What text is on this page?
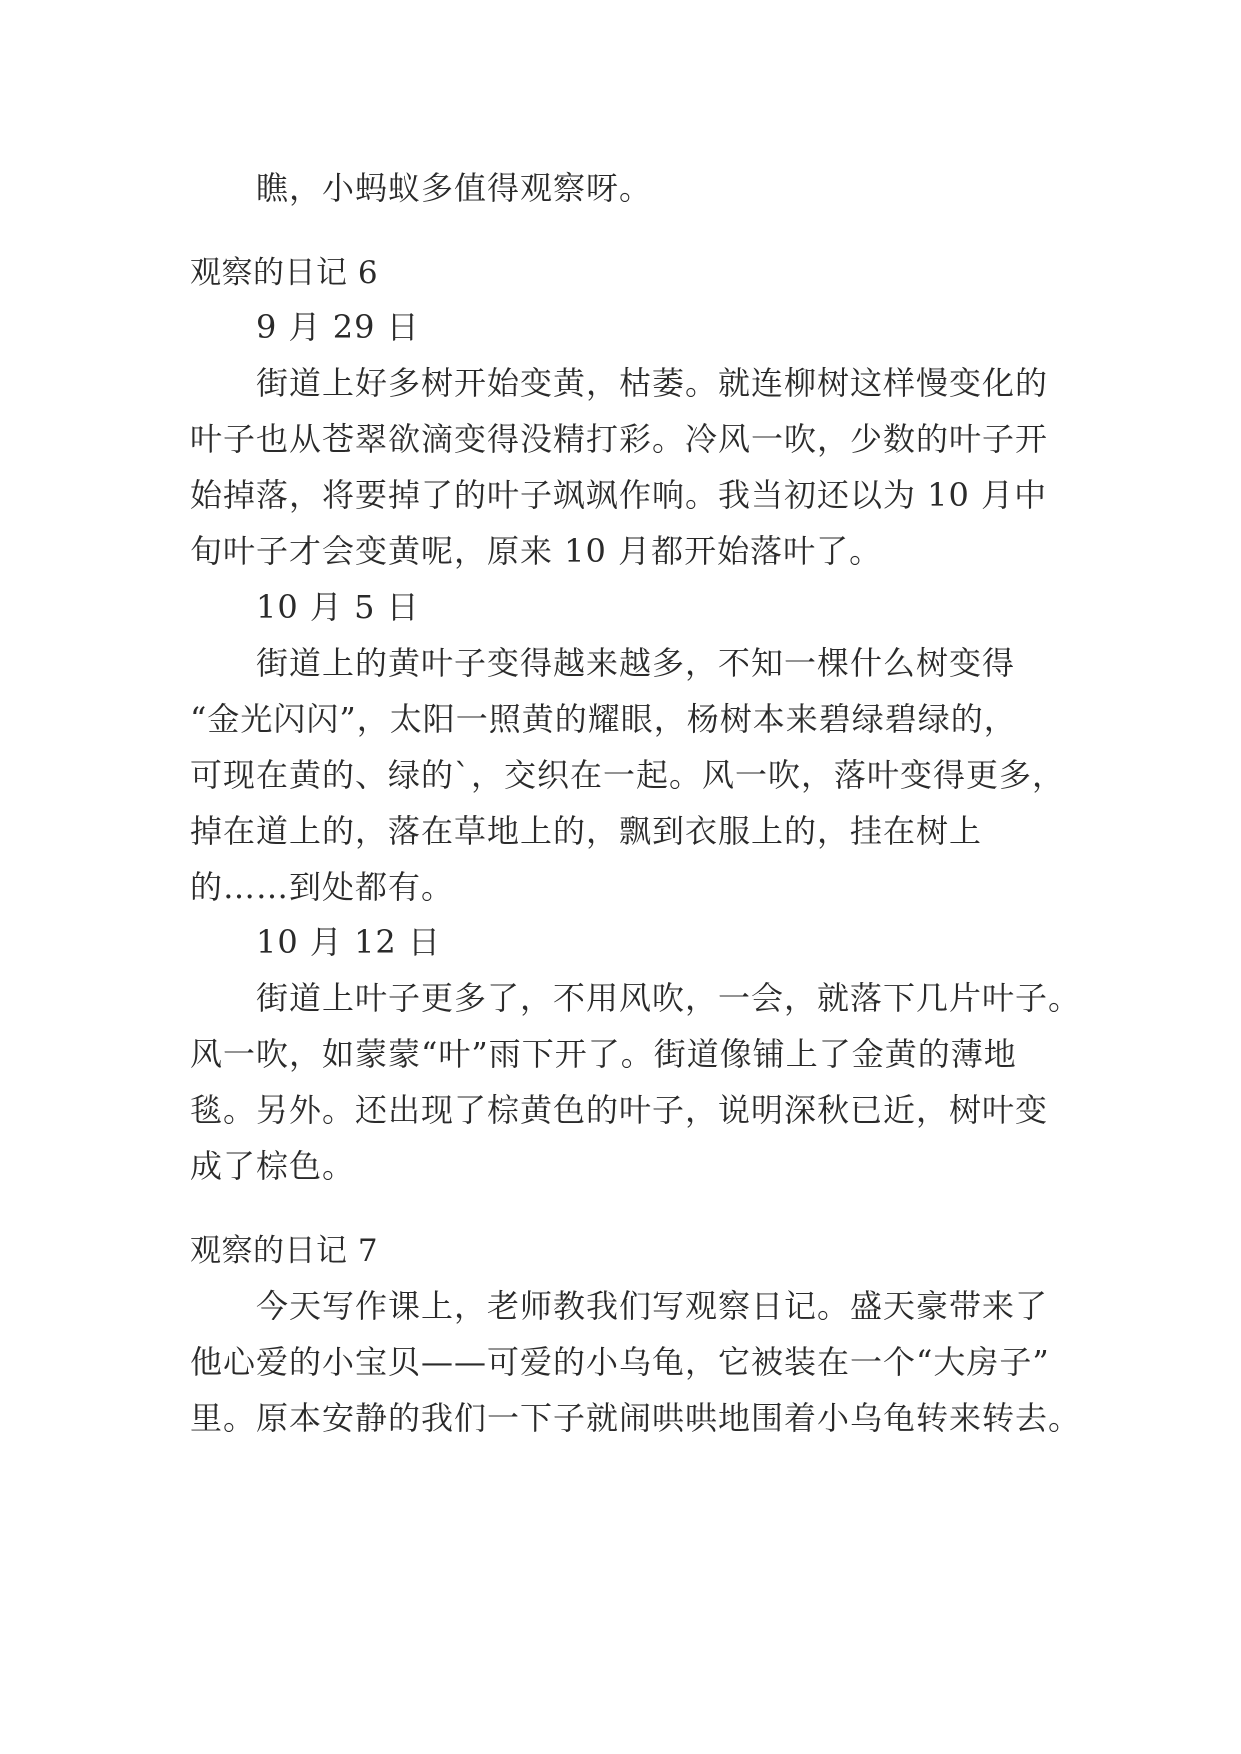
瞧，小蚂蚁多值得观察呀。
观察的日记 6
9 月 29 日
街道上好多树开始变黄，枯萎。就连柳树这样慢变化的
叶子也从苍翠欲滴变得没精打彩。冷风一吹，少数的叶子开
始掉落，将要掉了的叶子飒飒作响。我当初还以为 10 月中
旬叶子才会变黄呢，原来 10 月都开始落叶了。
10 月 5 日
街道上的黄叶子变得越来越多，不知一棵什么树变得
“金光闪闪”，太阳一照黄的耀眼，杨树本来碧绿碧绿的，
可现在黄的、绿的`，交织在一起。风一吹，落叶变得更多，
掉在道上的，落在草地上的，飘到衣服上的，挂在树上
的……到处都有。
10 月 12 日
街道上叶子更多了，不用风吹，一会，就落下几片叶子。
风一吹，如蒙蒙“叶”雨下开了。街道像铺上了金黄的薄地
毯。另外。还出现了棕黄色的叶子，说明深秋已近，树叶变
成了棕色。
观察的日记 7
今天写作课上，老师教我们写观察日记。盛天豪带来了
他心爱的小宝贝——可爱的小乌龟，它被装在一个“大房子”
里。原本安静的我们一下子就闹哄哄地围着小乌龟转来转去。
